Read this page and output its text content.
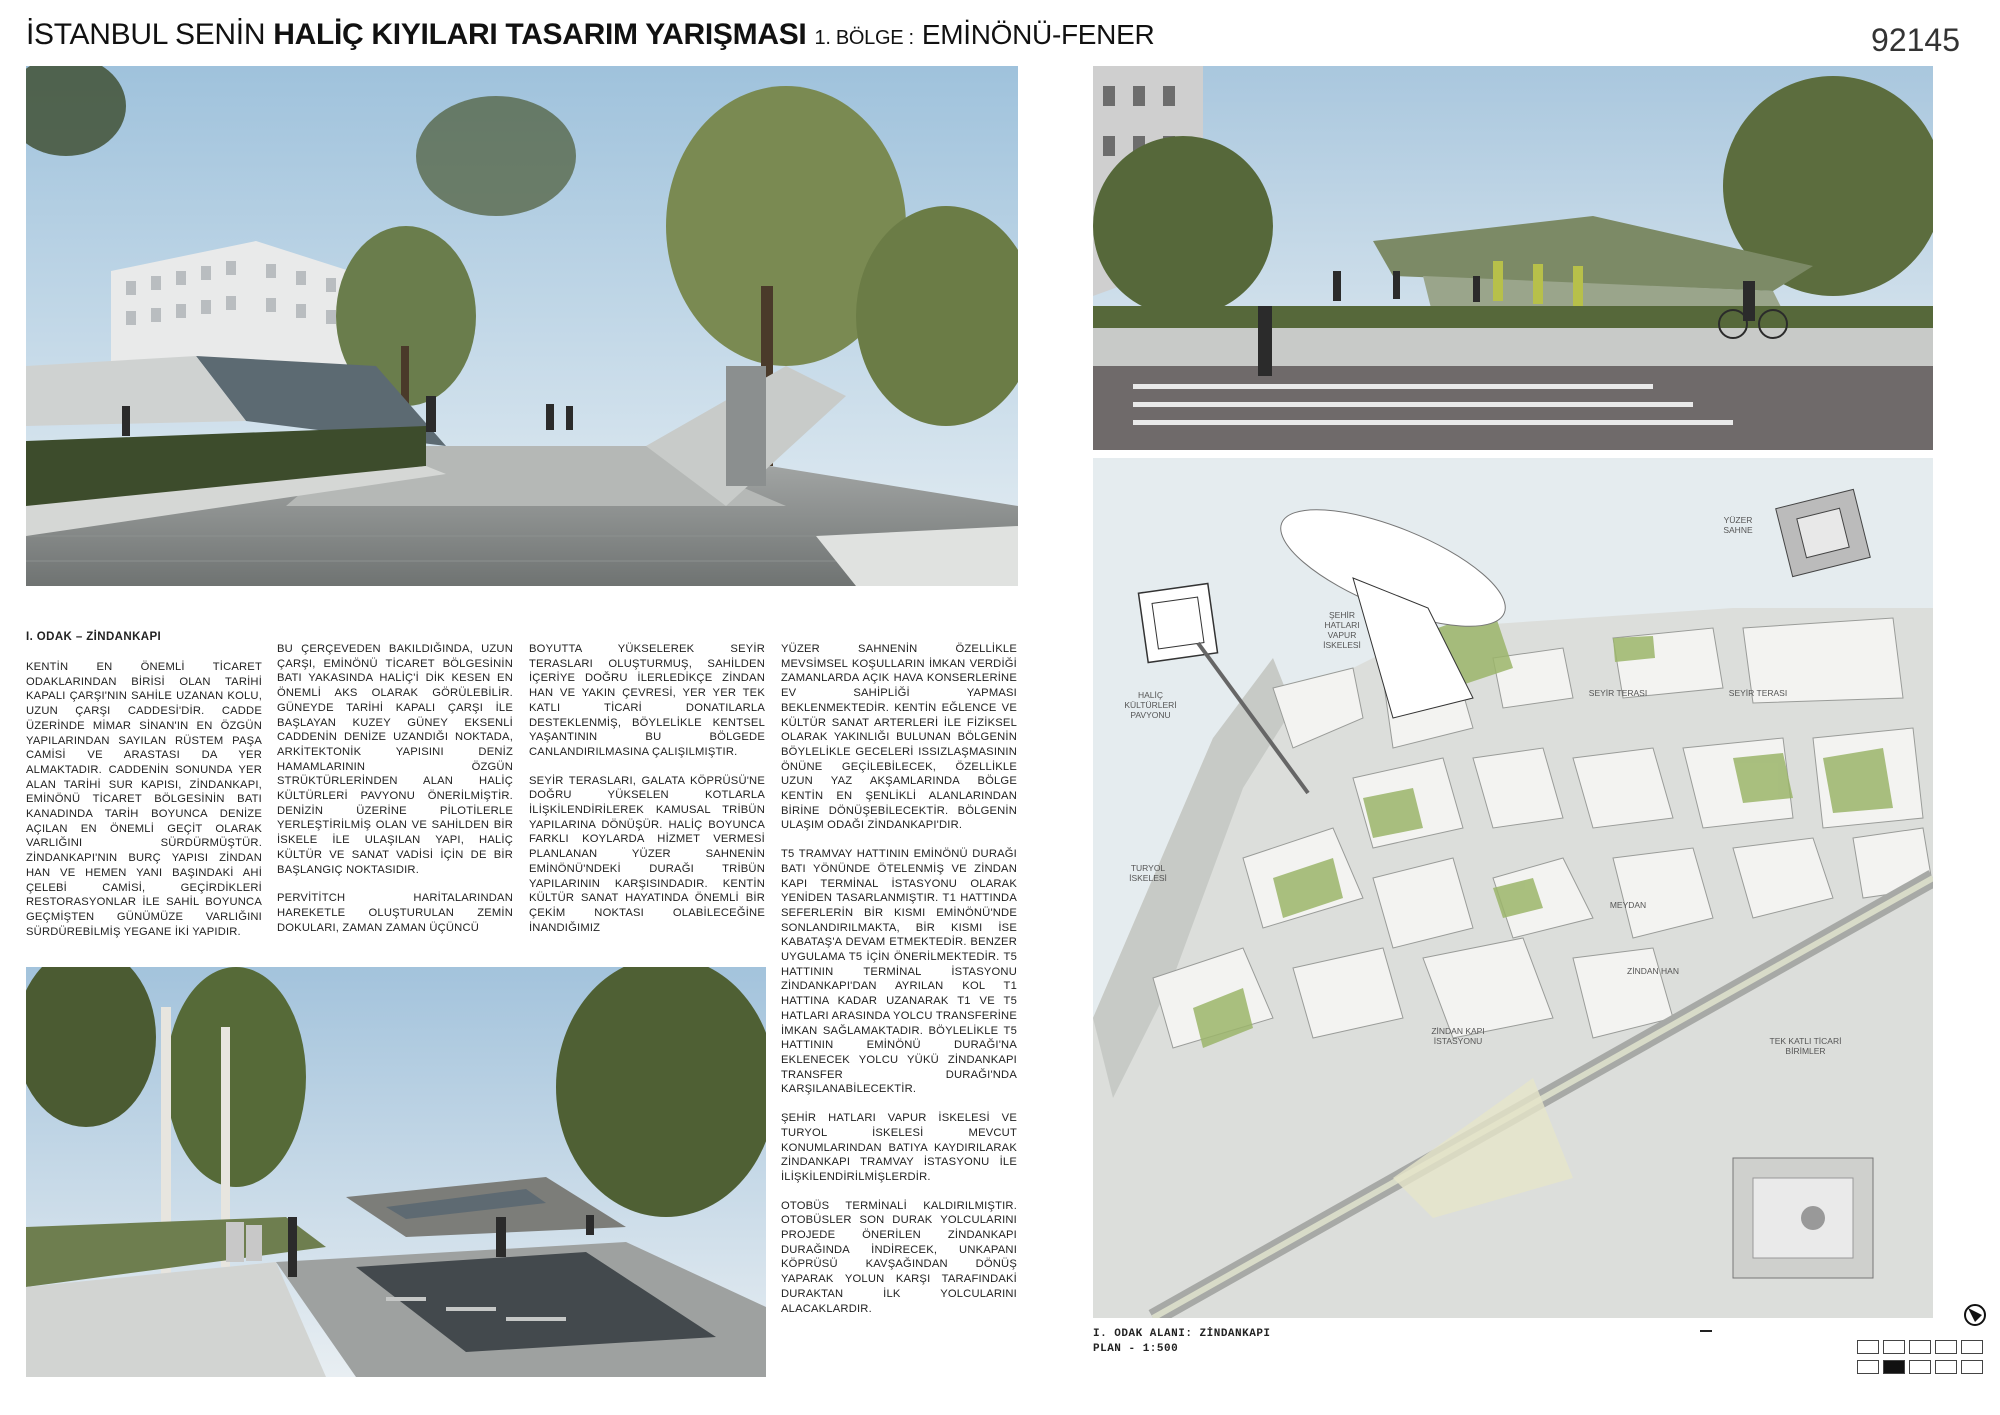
İSTANBUL SENİN HALİÇ KIYILARI TASARIM YARIŞMASI 1. BÖLGE : EMİNÖNÜ-FENER	92145
I. ODAK – ZİNDANKAPI

KENTİN EN ÖNEMLİ TİCARET ODAKLARINDAN BİRİSİ OLAN TARİHİ KAPALI ÇARŞI'NIN SAHİLE UZANAN KOLU, UZUN ÇARŞI CADDESİ'DİR. CADDE ÜZERİNDE MİMAR SİNAN'IN EN ÖZGÜN YAPILARINDAN SAYILAN RÜSTEM PAŞA CAMİSİ VE ARASTASI DA YER ALMAKTADIR. CADDENİN SONUNDA YER ALAN TARİHİ SUR KAPISI, ZİNDANKAPI, EMİNÖNÜ TİCARET BÖLGESİNİN BATI KANADINDA TARİH BOYUNCA DENİZE AÇILAN EN ÖNEMLİ GEÇİT OLARAK VARLIĞINI SÜRDÜRMÜŞTÜR. ZİNDANKAPI'NIN BURÇ YAPISI ZİNDAN HAN VE HEMEN YANI BAŞINDAKİ AHİ ÇELEBİ CAMİSİ, GEÇİRDİKLERİ RESTORASYONLAR İLE SAHİL BOYUNCA GEÇMİŞTEN GÜNÜMÜZE VARLIĞINI SÜRDÜREBİLMİŞ YEGANE İKİ YAPIDIR.

BU ÇERÇEVEDEN BAKILDIĞINDA, UZUN ÇARŞI, EMİNÖNÜ TİCARET BÖLGESİNİN BATI YAKASINDA HALİÇ'İ DİK KESEN EN ÖNEMLİ AKS OLARAK GÖRÜLEBİLİR. GÜNEYDE TARİHİ KAPALI ÇARŞI İLE BAŞLAYAN KUZEY GÜNEY EKSENLİ CADDENİN DENİZE UZANDIĞI NOKTADA, ARKİTEKTONİK YAPISINI DENİZ HAMAMLARININ ÖZGÜN STRÜKTÜRLERİNDEN ALAN HALİÇ KÜLTÜRLERİ PAVYONU ÖNERİLMİŞTİR. DENİZİN ÜZERİNE PİLOTİLERLE YERLEŞTİRİLMİŞ OLAN VE SAHİLDEN BİR İSKELE İLE ULAŞILAN YAPI, HALİÇ KÜLTÜR VE SANAT VADİSİ İÇİN DE BİR BAŞLANGIÇ NOKTASIDIR.

PERVİTİTCH HARİTALARINDAN HAREKETLE OLUŞTURULAN ZEMİN DOKULARI, ZAMAN ZAMAN ÜÇÜNCÜ

BOYUTTA YÜKSELEREK SEYİR TERASLARI OLUŞTURMUŞ, SAHİLDEN İÇERİYE DOĞRU İLERLEDİKÇE ZİNDAN HAN VE YAKIN ÇEVRESİ, YER YER TEK KATLI TİCARİ DONATILARLA DESTEKLENMİŞ, BÖYLELİKLE KENTSEL YAŞANTININ BU BÖLGEDE CANLANDIRILMASINA ÇALIŞILMIŞTIR.

SEYİR TERASLARI, GALATA KÖPRÜSÜ'NE DOĞRU YÜKSELEN KOTLARLA İLİŞKİLENDİRİLEREK KAMUSAL TRİBÜN YAPILARINA DÖNÜŞÜR. HALİÇ BOYUNCA FARKLI KOYLARDA HİZMET VERMESİ PLANLANAN YÜZER SAHNENİN EMİNÖNÜ'NDEKİ DURAĞI TRİBÜN YAPILARININ KARŞISINDADIR. KENTİN KÜLTÜR SANAT HAYATINDA ÖNEMLİ BİR ÇEKİM NOKTASI OLABİLECEĞİNE İNANDIĞIMIZ

YÜZER SAHNENİN ÖZELLİKLE MEVSİMSEL KOŞULLARIN İMKAN VERDİĞİ ZAMANLARDA AÇIK HAVA KONSERLERİNE EV SAHİPLİĞİ YAPMASI BEKLENMEKTEDİR. KENTİN EĞLENCE VE KÜLTÜR SANAT ARTERLERİ İLE FİZİKSEL OLARAK YAKINLIĞI BULUNAN BÖLGENİN BÖYLELİKLE GECELERİ ISSIZLAŞMASININ ÖNÜNE GEÇİLEBİLECEK, ÖZELLİKLE UZUN YAZ AKŞAMLARINDA BÖLGE KENTİN EN ŞENLİKLİ ALANLARINDAN BİRİNE DÖNÜŞEBİLECEKTİR. BÖLGENİN ULAŞIM ODAĞI ZİNDANKAPI'DIR.

T5 TRAMVAY HATTININ EMİNÖNÜ DURAĞI BATI YÖNÜNDE ÖTELENMİŞ VE ZİNDAN KAPI TERMİNAL İSTASYONU OLARAK YENİDEN TASARLANMIŞTIR. T1 HATTINDA SEFERLERİN BİR KISMI EMİNÖNÜ'NDE SONLANDIRILMAKTA, BİR KISMI İSE KABATAŞ'A DEVAM ETMEKTEDİR. BENZER UYGULAMA T5 İÇİN ÖNERİLMEKTEDİR. T5 HATTININ TERMİNAL İSTASYONU ZİNDANKAPI'DAN AYRILAN KOL T1 HATTINA KADAR UZANARAK T1 VE T5 HATLARI ARASINDA YOLCU TRANSFERİNE İMKAN SAĞLAMAKTADIR. BÖYLELİKLE T5 HATTININ EMİNÖNÜ DURAĞI'NA EKLENECEK YOLCU YÜKÜ ZİNDANKAPI TRANSFER DURAĞI'NDA KARŞILANABİLECEKTİR.

ŞEHİR HATLARI VAPUR İSKELESİ VE TURYOL İSKELESİ MEVCUT KONUMLARINDAN BATIYA KAYDIRILARAK ZİNDANKAPI TRAMVAY İSTASYONU İLE İLİŞKİLENDİRİLMİŞLERDİR.

OTOBÜS TERMİNALİ KALDIRILMIŞTIR. OTOBÜSLER SON DURAK YOLCULARINI PROJEDE ÖNERİLEN ZİNDANKAPI DURAĞINDA İNDİRECEK, UNKAPANI KÖPRÜSÜ KAVŞAĞINDAN DÖNÜŞ YAPARAK YOLUN KARŞI TARAFINDAKİ DURAKTAN İLK YOLCULARINI ALACAKLARDIR.

YÜZER SAHNE
ŞEHİR HATLARI VAPUR İSKELESİ
HALİÇ KÜLTÜRLERİ PAVYONU
SEYİR TERASI	SEYİR TERASI
TURYOL İSKELESİ
MEYDAN
ZİNDAN HAN
ZİNDAN KAPI İSTASYONU	TEK KATLI TİCARİ BİRİMLER
I. ODAK ALANI: ZİNDANKAPI
PLAN - 1:500
